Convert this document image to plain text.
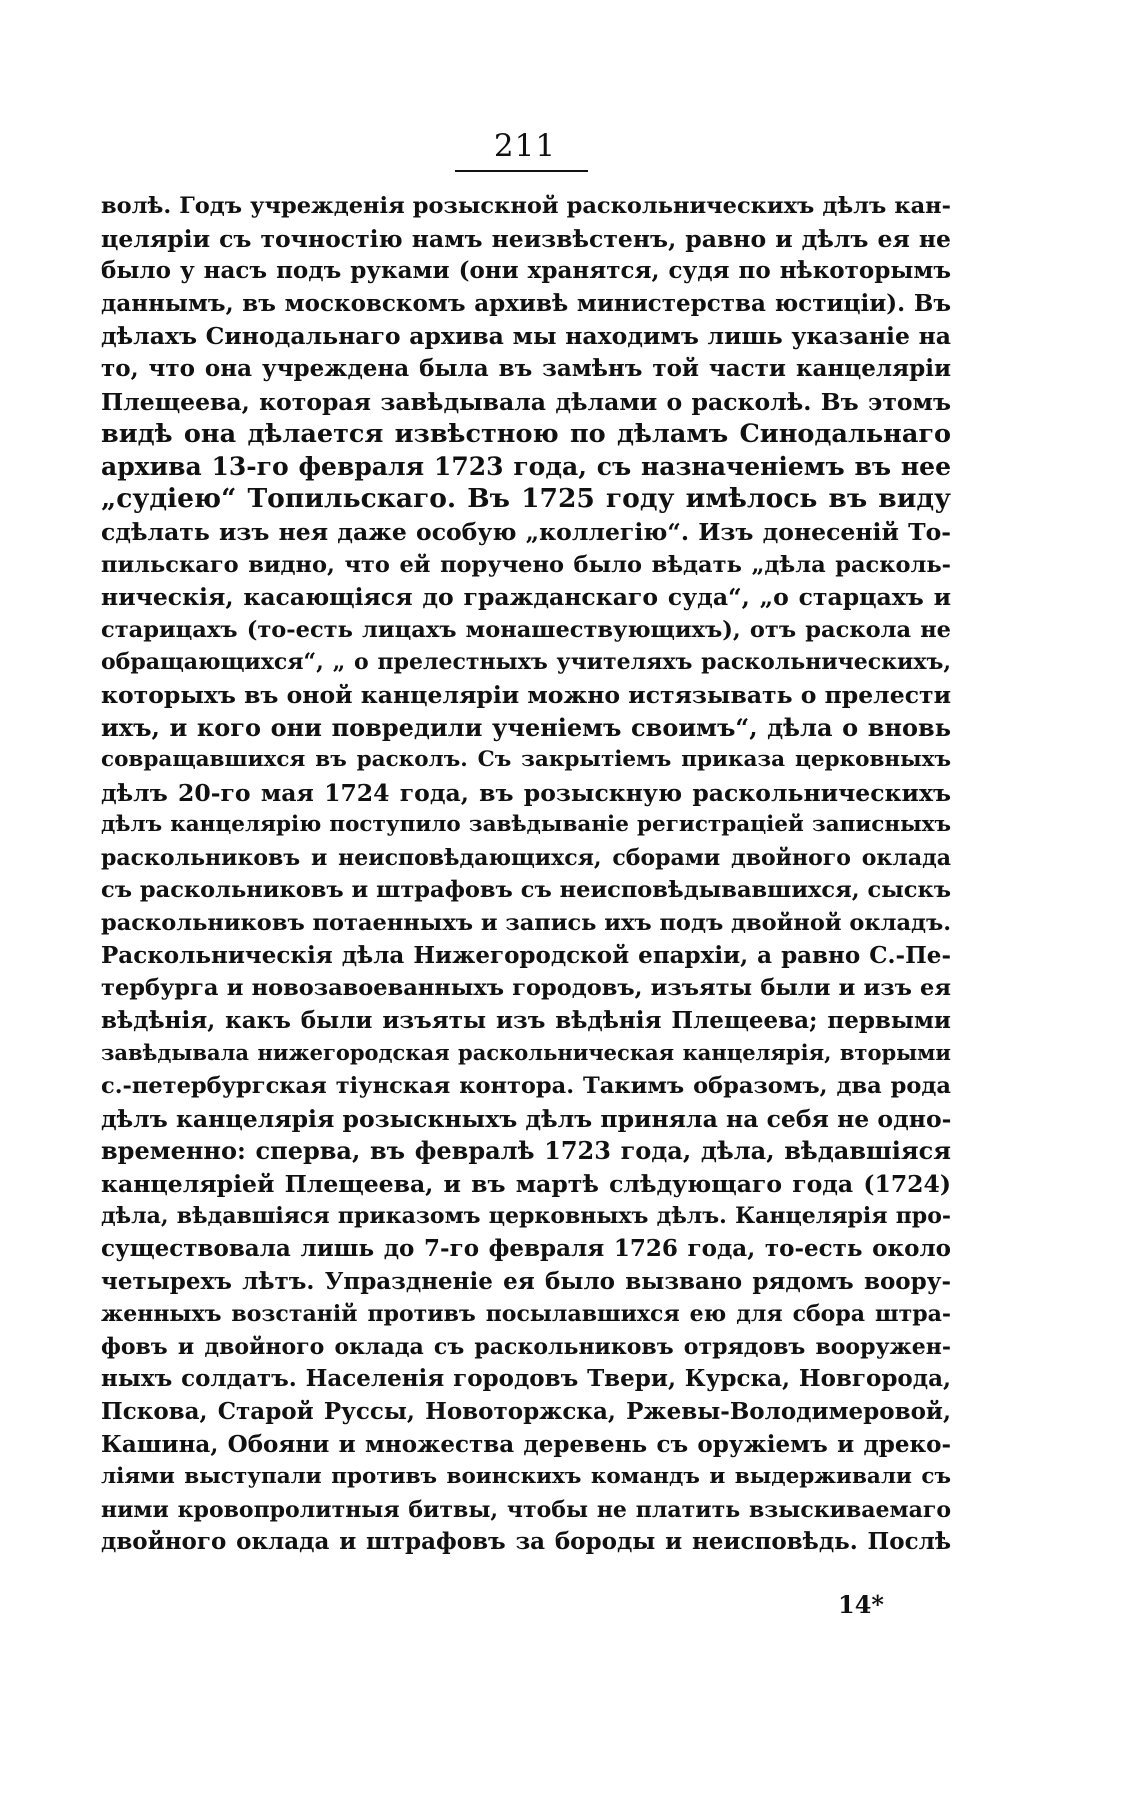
211
волѣ. Годъ учрежденія розыскной раскольническихъ дѣлъ кан-
целяріи съ точностію намъ неизвѣстенъ, равно и дѣлъ ея не
было у насъ подъ руками (они хранятся, судя по нѣкоторымъ
даннымъ, въ московскомъ архивѣ министерства юстиціи). Въ
дѣлахъ Синодальнаго архива мы находимъ лишь указаніе на
то, что она учреждена была въ замѣнъ той части канцеляріи
Плещеева, которая завѣдывала дѣлами о расколѣ. Въ этомъ
видѣ она дѣлается извѣстною по дѣламъ Синодальнаго
архива 13-го февраля 1723 года, съ назначеніемъ въ нее
„судіею“ Топильскаго. Въ 1725 году имѣлось въ виду
сдѣлать изъ нея даже особую „коллегію“. Изъ донесеній То-
пильскаго видно, что ей поручено было вѣдать „дѣла расколь-
ническія, касающіяся до гражданскаго суда“, „о старцахъ и
старицахъ (то-есть лицахъ монашествующихъ), отъ раскола не
обращающихся“, „ о прелестныхъ учителяхъ раскольническихъ,
которыхъ въ оной канцеляріи можно истязывать о прелести
ихъ, и кого они повредили ученіемъ своимъ“, дѣла о вновь
совращавшихся въ расколъ. Съ закрытіемъ приказа церковныхъ
дѣлъ 20-го мая 1724 года, въ розыскную раскольническихъ
дѣлъ канцелярію поступило завѣдываніе регистраціей записныхъ
раскольниковъ и неисповѣдающихся, сборами двойного оклада
съ раскольниковъ и штрафовъ съ неисповѣдывавшихся, сыскъ
раскольниковъ потаенныхъ и запись ихъ подъ двойной окладъ.
Раскольническія дѣла Нижегородской епархіи, а равно С.-Пе-
тербурга и новозавоеванныхъ городовъ, изъяты были и изъ ея
вѣдѣнія, какъ были изъяты изъ вѣдѣнія Плещеева; первыми
завѣдывала нижегородская раскольническая канцелярія, вторыми
с.-петербургская тіунская контора. Такимъ образомъ, два рода
дѣлъ канцелярія розыскныхъ дѣлъ приняла на себя не одно-
временно: сперва, въ февралѣ 1723 года, дѣла, вѣдавшіяся
канцеляріей Плещеева, и въ мартѣ слѣдующаго года (1724)
дѣла, вѣдавшіяся приказомъ церковныхъ дѣлъ. Канцелярія про-
существовала лишь до 7-го февраля 1726 года, то-есть около
четырехъ лѣтъ. Упраздненіе ея было вызвано рядомъ воору-
женныхъ возстаній противъ посылавшихся ею для сбора штра-
фовъ и двойного оклада съ раскольниковъ отрядовъ вооружен-
ныхъ солдатъ. Населенія городовъ Твери, Курска, Новгорода,
Пскова, Старой Руссы, Новоторжска, Ржевы-Володимеровой,
Кашина, Обояни и множества деревень съ оружіемъ и дреко-
ліями выступали противъ воинскихъ командъ и выдерживали съ
ними кровопролитныя битвы, чтобы не платить взыскиваемаго
двойного оклада и штрафовъ за бороды и неисповѣдь. Послѣ
14*
